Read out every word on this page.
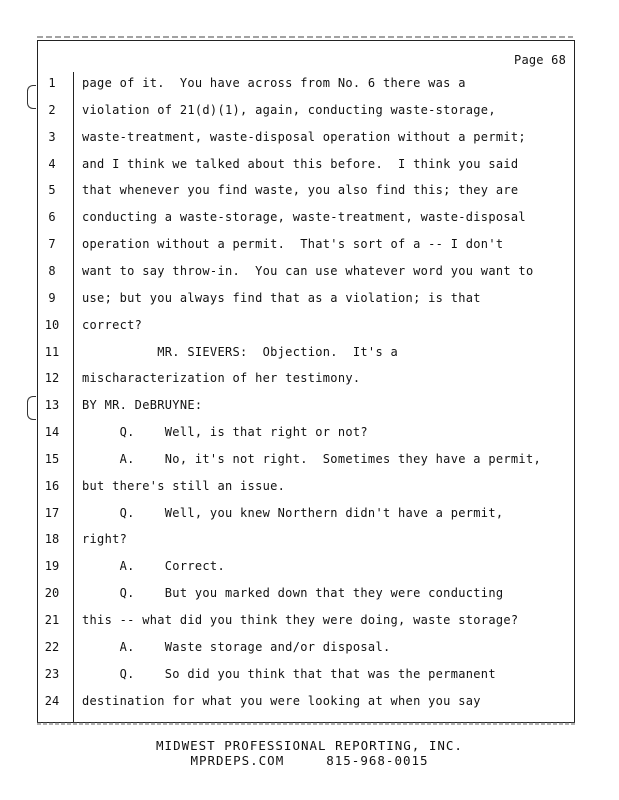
Page 68
1	page of it.  You have across from No. 6 there was a
2	violation of 21(d)(1), again, conducting waste-storage,
3	waste-treatment, waste-disposal operation without a permit;
4	and I think we talked about this before.  I think you said
5	that whenever you find waste, you also find this; they are
6	conducting a waste-storage, waste-treatment, waste-disposal
7	operation without a permit.  That's sort of a -- I don't
8	want to say throw-in.  You can use whatever word you want to
9	use; but you always find that as a violation; is that
10	correct?
11	MR. SIEVERS:  Objection.  It's a
12	mischaracterization of her testimony.
13	BY MR. DeBRUYNE:
14	Q.    Well, is that right or not?
15	A.    No, it's not right.  Sometimes they have a permit,
16	but there's still an issue.
17	Q.    Well, you knew Northern didn't have a permit,
18	right?
19	A.    Correct.
20	Q.    But you marked down that they were conducting
21	this -- what did you think they were doing, waste storage?
22	A.    Waste storage and/or disposal.
23	Q.    So did you think that that was the permanent
24	destination for what you were looking at when you say
MIDWEST PROFESSIONAL REPORTING, INC.
MPRDEPS.COM	815-968-0015
